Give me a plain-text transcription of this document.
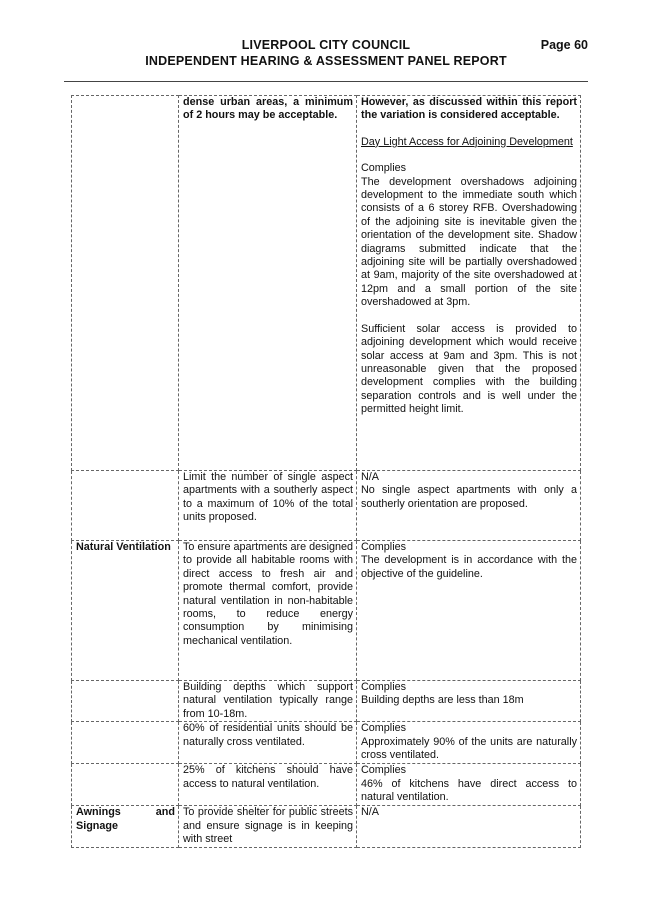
LIVERPOOL CITY COUNCIL
INDEPENDENT HEARING & ASSESSMENT PANEL REPORT
Page 60
	dense urban areas, a minimum of 2 hours may be acceptable.	However, as discussed within this report the variation is considered acceptable.
Day Light Access for Adjoining Development
Complies
The development overshadows adjoining development to the immediate south which consists of a 6 storey RFB. Overshadowing of the adjoining site is inevitable given the orientation of the development site. Shadow diagrams submitted indicate that the adjoining site will be partially overshadowed at 9am, majority of the site overshadowed at 12pm and a small portion of the site overshadowed at 3pm.
Sufficient solar access is provided to adjoining development which would receive solar access at 9am and 3pm. This is not unreasonable given that the proposed development complies with the building separation controls and is well under the permitted height limit.

	Limit the number of single aspect apartments with a southerly aspect to a maximum of 10% of the total units proposed.	N/A
No single aspect apartments with only a southerly orientation are proposed.

Natural Ventilation	To ensure apartments are designed to provide all habitable rooms with direct access to fresh air and promote thermal comfort, provide natural ventilation in non-habitable rooms, to reduce energy consumption by minimising mechanical ventilation.	Complies
The development is in accordance with the objective of the guideline.

	Building depths which support natural ventilation typically range from 10-18m.	Complies
Building depths are less than 18m

	60% of residential units should be naturally cross ventilated.	Complies
Approximately 90% of the units are naturally cross ventilated.

	25% of kitchens should have access to natural ventilation.	Complies
46% of kitchens have direct access to natural ventilation.

Awnings and Signage	To provide shelter for public streets and ensure signage is in keeping with street	N/A
